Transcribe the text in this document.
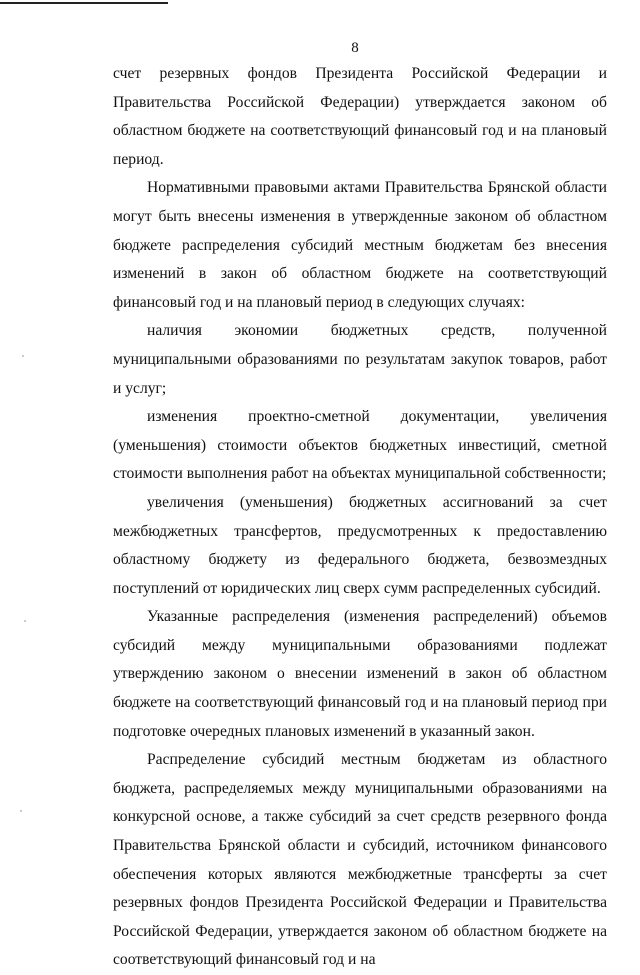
8

счет резервных фондов Президента Российской Федерации и Правительства Российской Федерации) утверждается законом об областном бюджете на соответствующий финансовый год и на плановый период.

Нормативными правовыми актами Правительства Брянской области могут быть внесены изменения в утвержденные законом об областном бюджете распределения субсидий местным бюджетам без внесения изменений в закон об областном бюджете на соответствующий финансовый год и на плановый период в следующих случаях:

наличия экономии бюджетных средств, полученной муниципальными образованиями по результатам закупок товаров, работ и услуг;

изменения проектно-сметной документации, увеличения (уменьшения) стоимости объектов бюджетных инвестиций, сметной стоимости выполнения работ на объектах муниципальной собственности;

увеличения (уменьшения) бюджетных ассигнований за счет межбюджетных трансфертов, предусмотренных к предоставлению областному бюджету из федерального бюджета, безвозмездных поступлений от юридических лиц сверх сумм распределенных субсидий.

Указанные распределения (изменения распределений) объемов субсидий между муниципальными образованиями подлежат утверждению законом о внесении изменений в закон об областном бюджете на соответствующий финансовый год и на плановый период при подготовке очередных плановых изменений в указанный закон.

Распределение субсидий местным бюджетам из областного бюджета, распределяемых между муниципальными образованиями на конкурсной основе, а также субсидий за счет средств резервного фонда Правительства Брянской области и субсидий, источником финансового обеспечения которых являются межбюджетные трансферты за счет резервных фондов Президента Российской Федерации и Правительства Российской Федерации, утверждается законом об областном бюджете на соответствующий финансовый год и на
